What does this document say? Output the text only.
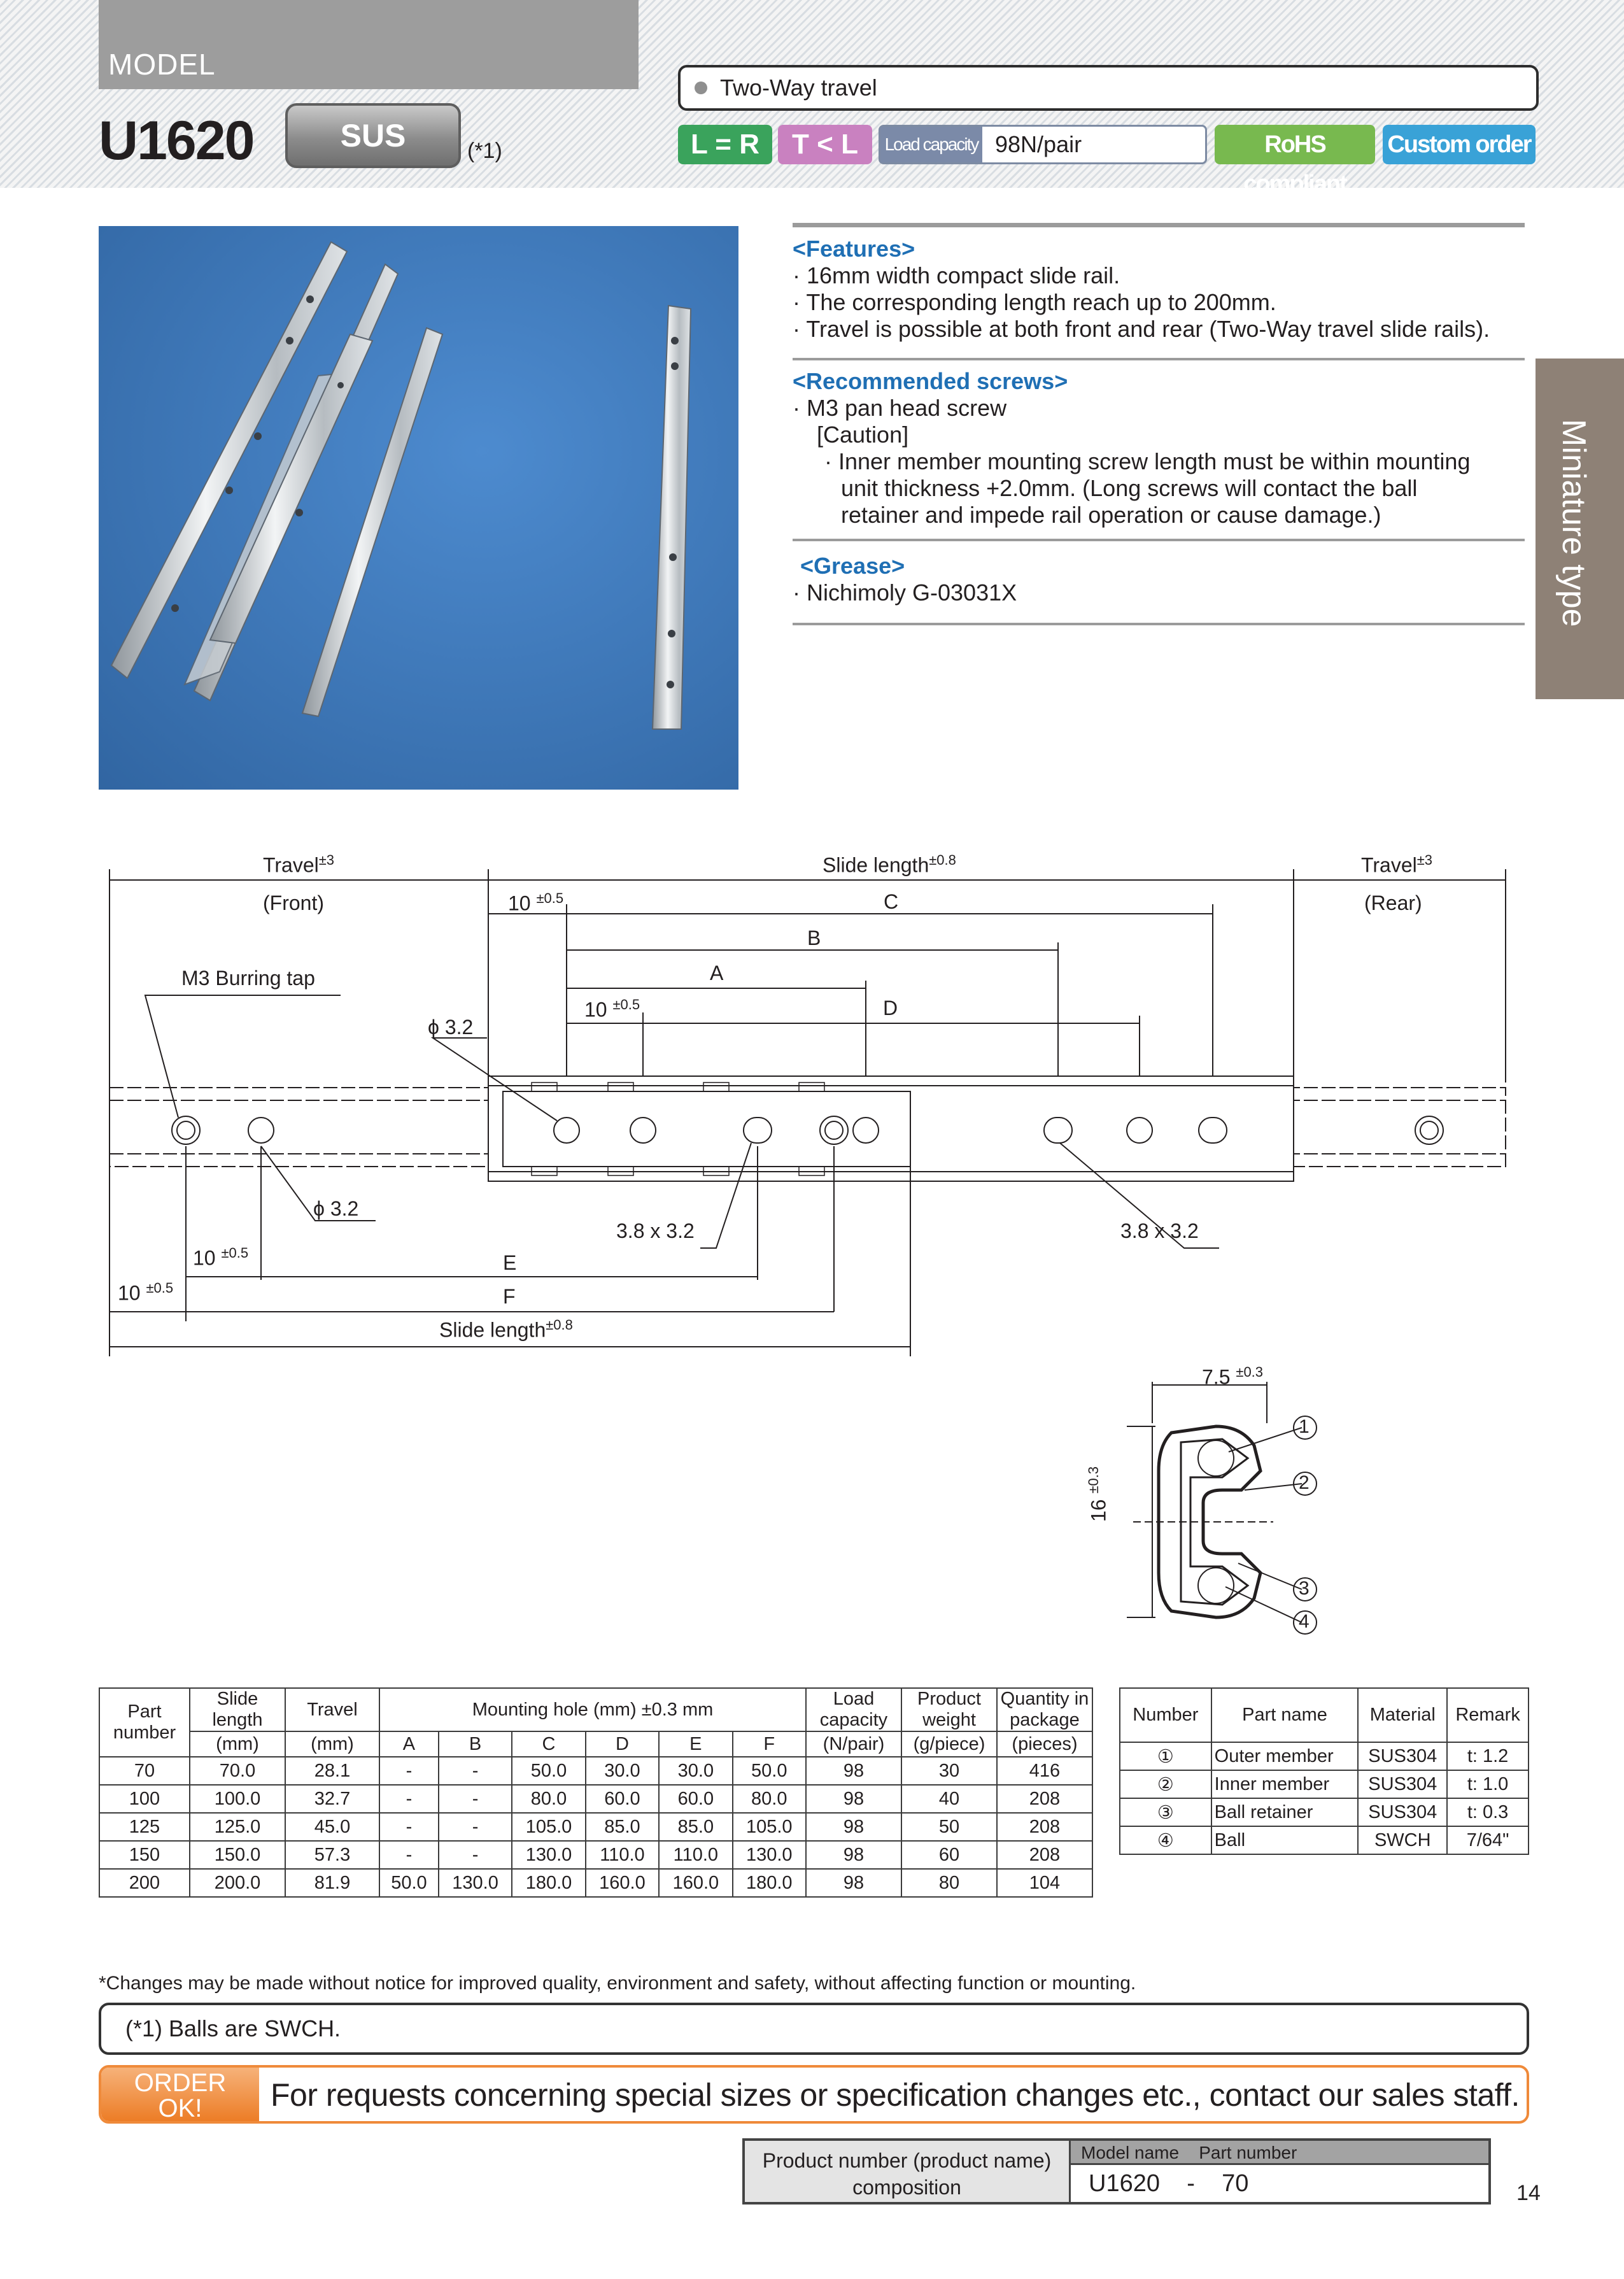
MODEL
U1620	SUS	(*1)
Two-Way travel
L = R	T < L	Load capacity 98N/pair	RoHS compliant
Custom order
<Features>
· 16mm width compact slide rail.
· The corresponding length reach up to 200mm.
· Travel is possible at both front and rear (Two-Way travel slide rails).
<Recommended screws>
· M3 pan head screw
[Caution]
· Inner member mounting screw length must be within mounting
unit thickness +2.0mm. (Long screws will contact the ball
retainer and impede rail operation or cause damage.)
<Grease>
· Nichimoly G-03031X	Miniature type
Travel$^{\pm 3}$
(Front)
Slide length$^{\pm 0.8}$	Travel$^{\pm 3}$
(Rear)
10 $^{\pm 0.5}$	C
B
A
M3 Burring tap
10 $^{\pm 0.5}$	D
ϕ 3.2
ϕ 3.2
3.8 x 3.2	3.8 x 3.2
10 $^{\pm 0.5}$	E
10 $^{\pm 0.5}$	F
Slide length$^{\pm 0.8}$
7.5 $^{\pm 0.3}$
16 $^{\pm 0.3}$
1
2
3
4
Part number	Slide length	Travel	Mounting hole (mm) ±0.3 mm						Load capacity	Product weight	Quantity in package
	(mm)	(mm)	A	B	C	D	E	F	(N/pair)	(g/piece)	(pieces)
70	70.0	28.1	-	-	50.0	30.0	30.0	50.0	98	30	416
100	100.0	32.7	-	-	80.0	60.0	60.0	80.0	98	40	208
125	125.0	45.0	-	-	105.0	85.0	85.0	105.0	98	50	208
150	150.0	57.3	-	-	130.0	110.0	110.0	130.0	98	60	208
200	200.0	81.9	50.0	130.0	180.0	160.0	160.0	180.0	98	80	104
Number	Part name	Material	Remark
①	Outer member	SUS304	t: 1.2
②	Inner member	SUS304	t: 1.0
③	Ball retainer	SUS304	t: 0.3
④	Ball	SWCH	7/64"
*Changes may be made without notice for improved quality, environment and safety, without affecting function or mounting.
(*1) Balls are SWCH.
ORDER
OK!	For requests concerning special sizes or specification changes etc., contact our sales staff.
Product number (product name)
composition
Model name Part number
U1620 - 70	14
